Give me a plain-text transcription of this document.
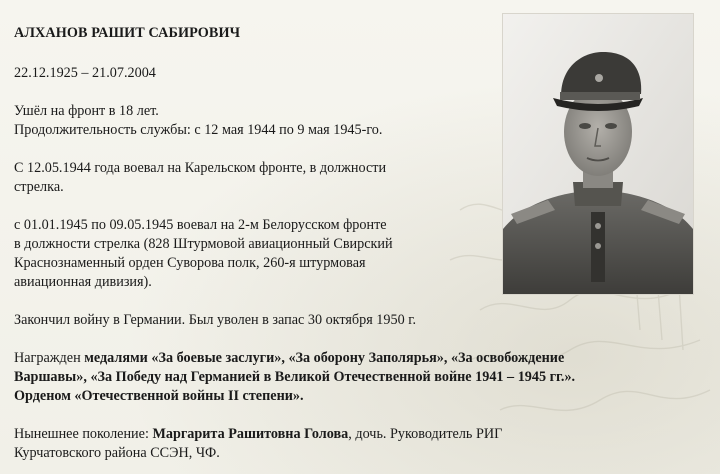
АЛХАНОВ РАШИТ САБИРОВИЧ

22.12.1925 – 21.07.2004

Ушёл на фронт в 18 лет.

Продолжительность службы: с 12 мая 1944 по 9 мая 1945-го.

С 12.05.1944 года воевал на Карельском фронте, в должности

стрелка.

с 01.01.1945 по 09.05.1945 воевал на 2-м Белорусском фронте

в должности стрелка (828 Штурмовой авиационный Свирский

Краснознаменный орден Суворова полк, 260-я штурмовая

авиационная дивизия).

Закончил войну в Германии. Был уволен в запас 30 октября 1950 г.

Награжден медалями «За боевые заслуги», «За оборону Заполярья», «За освобождение

Варшавы», «За Победу над Германией в Великой Отечественной войне 1941 – 1945 гг.».

Орденом «Отечественной войны II степени».

Нынешнее поколение: Маргарита Рашитовна Голова, дочь. Руководитель РИГ

Курчатовского района ССЭН, ЧФ.
